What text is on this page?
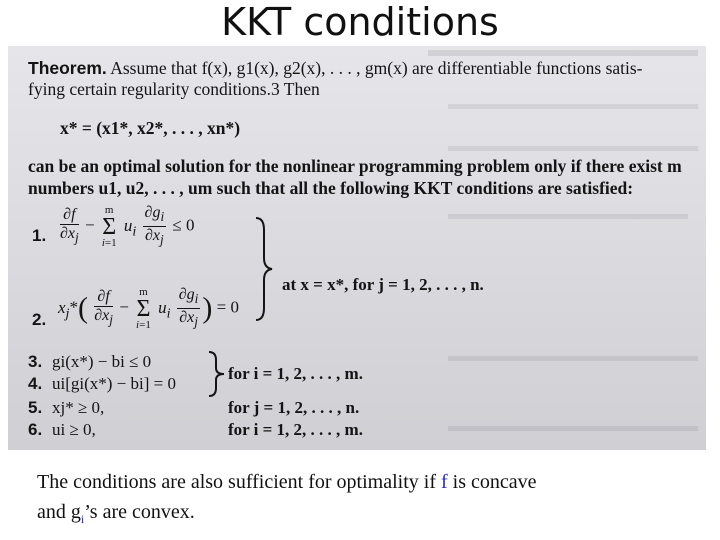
KKT conditions
Theorem. Assume that f(x), g1(x), g2(x), . . . , gm(x) are differentiable functions satis-
fying certain regularity conditions.3 Then
x* = (x1*, x2*, . . . , xn*)
can be an optimal solution for the nonlinear programming problem only if there exist m
numbers u1, u2, . . . , um such that all the following KKT conditions are satisfied:
1. $\frac{\partial f}{\partial x_j} - m$
Σ
i=1 $u_i \frac{\partial g_i}{\partial x_j} \le 0$
2.
$x_j*( \frac{\partial f}{\partial x_j} - m$
Σ
i=1 $u_i \frac{\partial g_i}{\partial x_j}$ ) = 0
at x = x*, for j = 1, 2, . . . , n.
3. gi(x*) − bi ≤ 0
4. ui[gi(x*) − bi] = 0
for i = 1, 2, . . . , m.
5. xj* ≥ 0,	for j = 1, 2, . . . , n.
6. ui ≥ 0,	for i = 1, 2, . . . , m.
The conditions are also sufficient for optimality if f is concave
and $g_i’s$ are convex.
